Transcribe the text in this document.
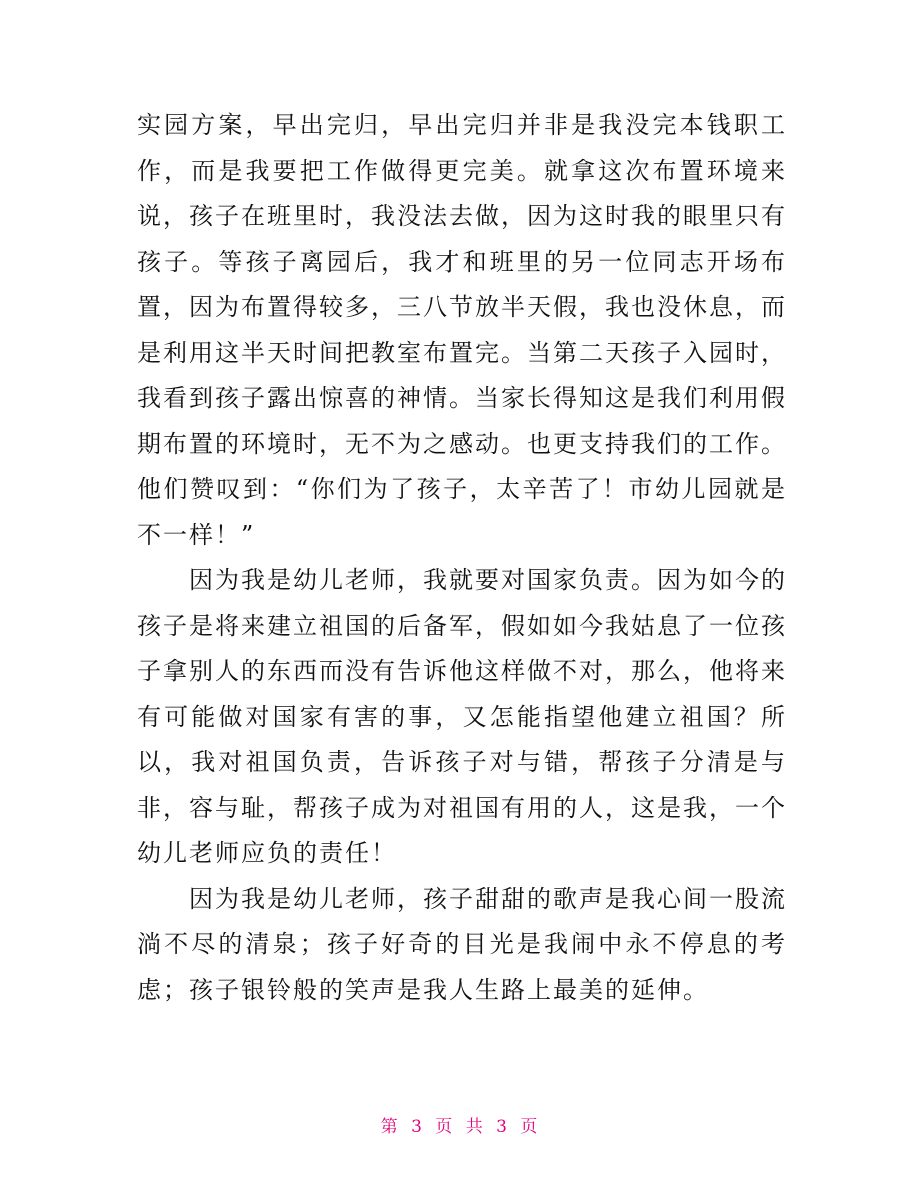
实园方案，早出完归，早出完归并非是我没完本钱职工作，而是我要把工作做得更完美。就拿这次布置环境来说，孩子在班里时，我没法去做，因为这时我的眼里只有孩子。等孩子离园后，我才和班里的另一位同志开场布置，因为布置得较多，三八节放半天假，我也没休息，而是利用这半天时间把教室布置完。当第二天孩子入园时，我看到孩子露出惊喜的神情。当家长得知这是我们利用假期布置的环境时，无不为之感动。也更支持我们的工作。他们赞叹到：“你们为了孩子，太辛苦了！市幼儿园就是不一样！”

因为我是幼儿老师，我就要对国家负责。因为如今的孩子是将来建立祖国的后备军，假如如今我姑息了一位孩子拿别人的东西而没有告诉他这样做不对，那么，他将来有可能做对国家有害的事，又怎能指望他建立祖国？所以，我对祖国负责，告诉孩子对与错，帮孩子分清是与非，容与耻，帮孩子成为对祖国有用的人，这是我，一个幼儿老师应负的责任！

因为我是幼儿老师，孩子甜甜的歌声是我心间一股流淌不尽的清泉；孩子好奇的目光是我闹中永不停息的考虑；孩子银铃般的笑声是我人生路上最美的延伸。

第 3 页 共 3 页
